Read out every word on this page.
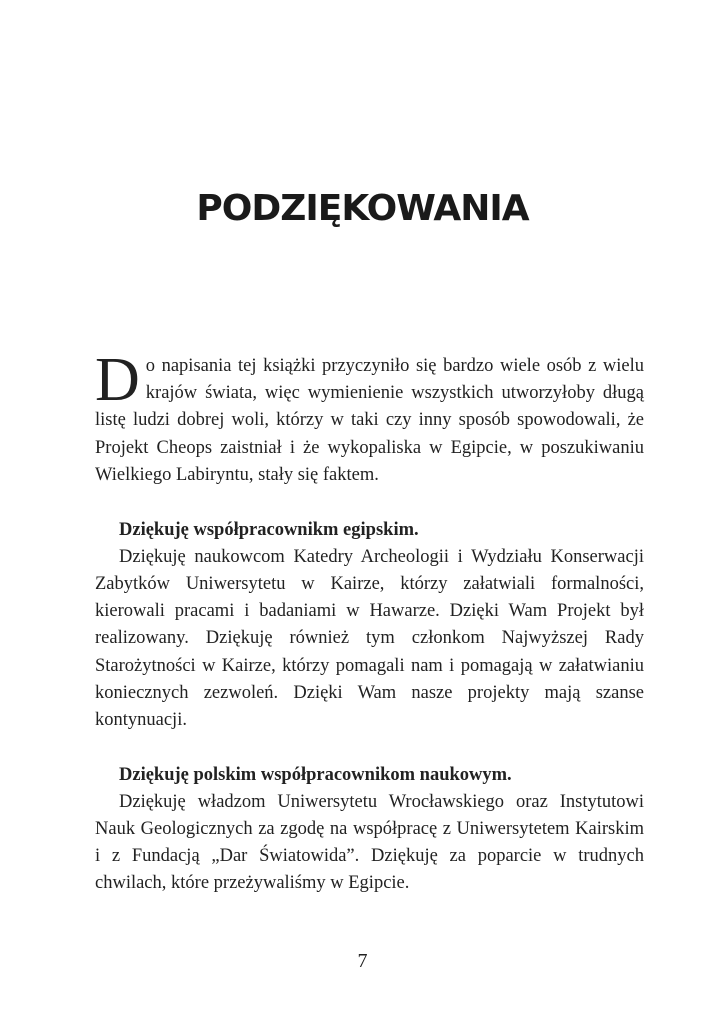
PODZIĘKOWANIA

Do napisania tej książki przyczyniło się bardzo wiele osób z wielu krajów świata, więc wymienienie wszystkich utworzyłoby długą listę ludzi dobrej woli, którzy w taki czy inny sposób spowodowali, że Projekt Cheops zaistniał i że wykopaliska w Egipcie, w poszukiwaniu Wielkiego Labiryntu, stały się faktem.

Dziękuję współpracownikm egipskim.

Dziękuję naukowcom Katedry Archeologii i Wydziału Konserwacji Zabytków Uniwersytetu w Kairze, którzy załatwiali formalności, kierowali pracami i badaniami w Hawarze. Dzięki Wam Projekt był realizowany. Dziękuję również tym członkom Najwyższej Rady Starożytności w Kairze, którzy pomagali nam i pomagają w załatwianiu koniecznych zezwoleń. Dzięki Wam nasze projekty mają szanse kontynuacji.

Dziękuję polskim współpracownikom naukowym.

Dziękuję władzom Uniwersytetu Wrocławskiego oraz Instytutowi Nauk Geologicznych za zgodę na współpracę z Uniwersytetem Kairskim i z Fundacją „Dar Światowida”. Dziękuję za poparcie w trudnych chwilach, które przeżywaliśmy w Egipcie.

7
